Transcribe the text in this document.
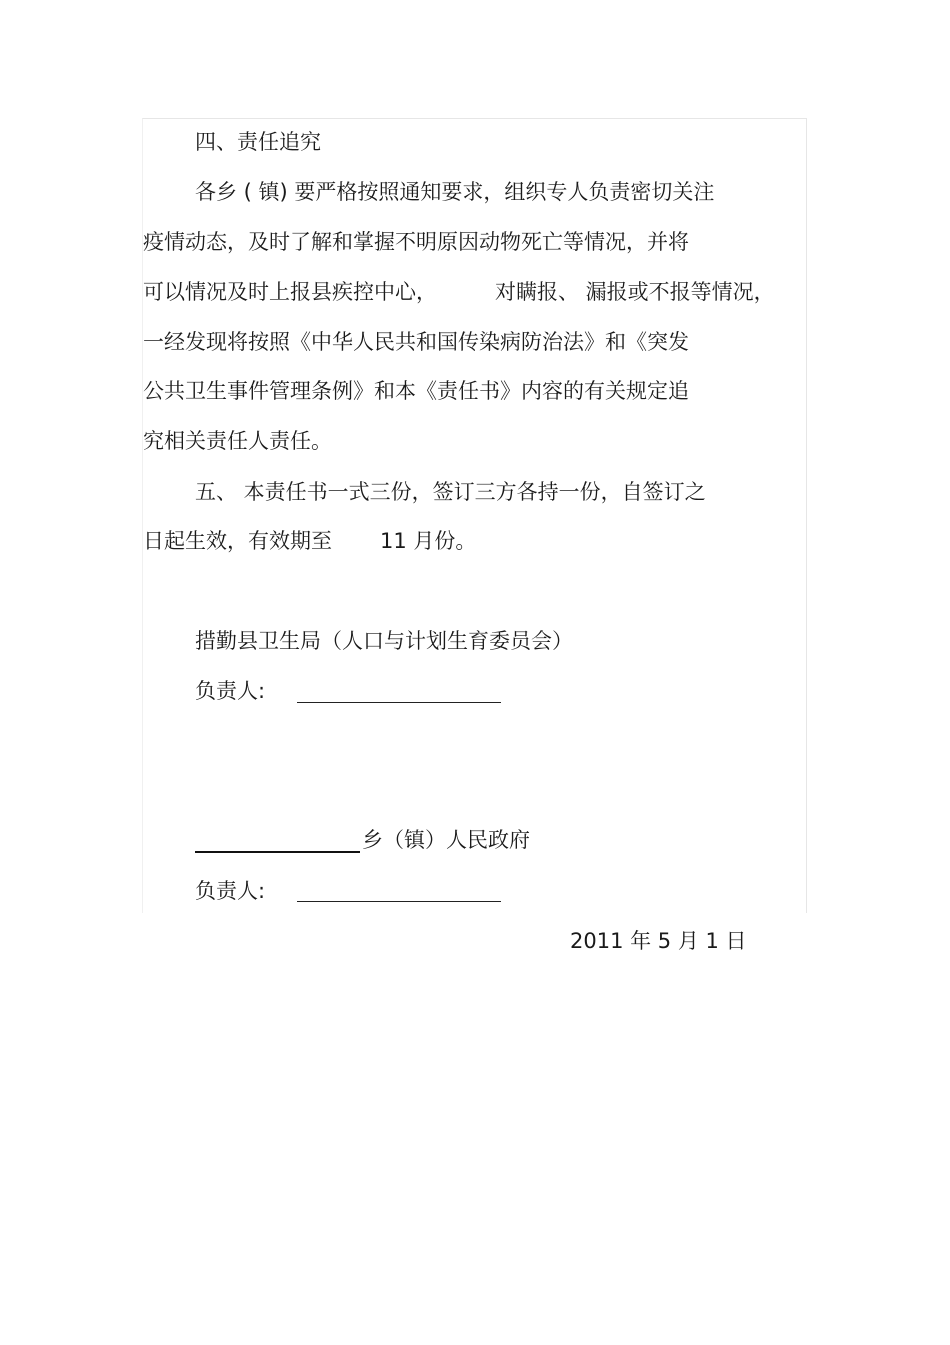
四、责任追究
各乡 ( 镇) 要严格按照通知要求，组织专人负责密切关注
疫情动态，及时了解和掌握不明原因动物死亡等情况，并将
可以情况及时上报县疾控中心，	对瞒报、 漏报或不报等情况，
一经发现将按照《中华人民共和国传染病防治法》和《突发
公共卫生事件管理条例》和本《责任书》内容的有关规定追
究相关责任人责任。
五、 本责任书一式三份，签订三方各持一份，自签订之
日起生效，有效期至 11 月份。
措勤县卫生局（人口与计划生育委员会）
负责人:
乡（镇）人民政府
负责人:
2011 年 5 月 1 日
